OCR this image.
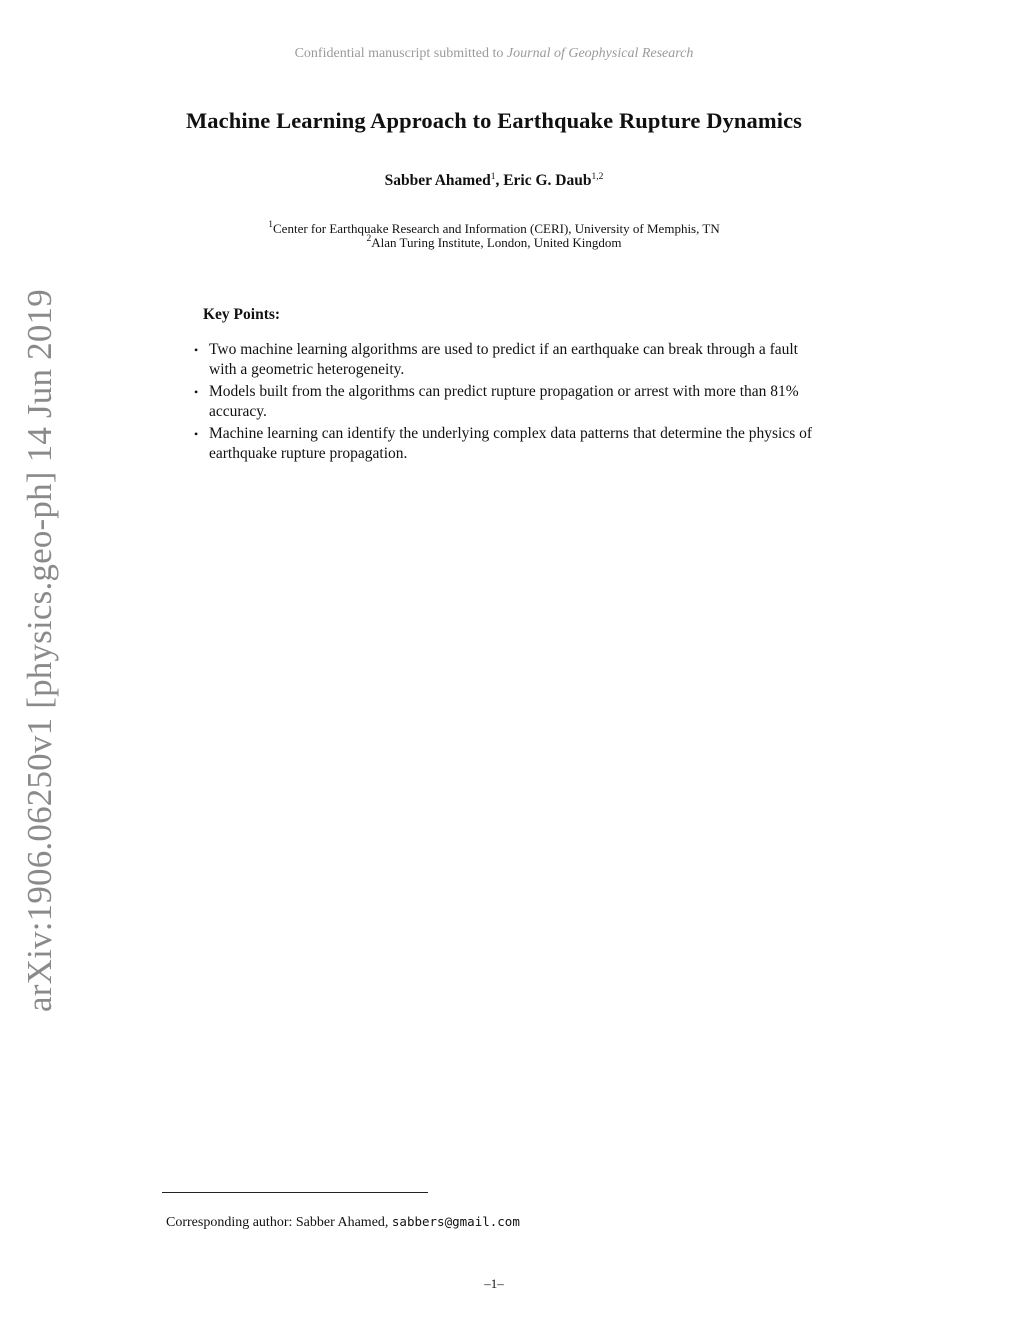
Confidential manuscript submitted to Journal of Geophysical Research
Machine Learning Approach to Earthquake Rupture Dynamics
Sabber Ahamed$^1$, Eric G. Daub$^{1,2}$
$^1$Center for Earthquake Research and Information (CERI), University of Memphis, TN
$^2$Alan Turing Institute, London, United Kingdom
arXiv:1906.06250v1 [physics.geo-ph] 14 Jun 2019	Key Points:
• Two machine learning algorithms are used to predict if an earthquake can break through a fault with a geometric heterogeneity.
• Models built from the algorithms can predict rupture propagation or arrest with more than 81% accuracy.
• Machine learning can identify the underlying complex data patterns that determine the physics of earthquake rupture propagation.
Corresponding author: Sabber Ahamed, sabbers@gmail.com
–1–
